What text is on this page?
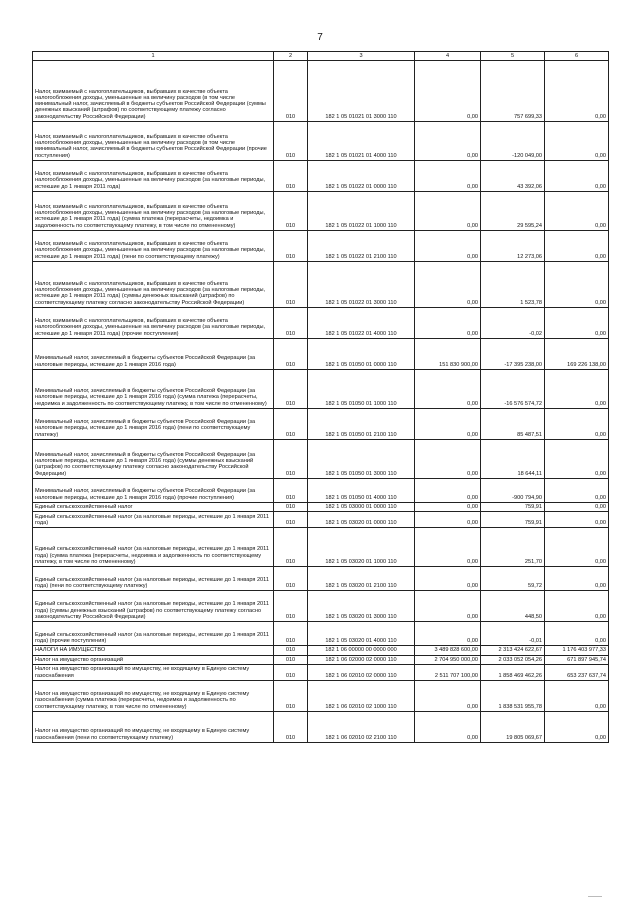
7
1	2	3	4	5	6
Налог, взимаемый с налогоплательщиков, выбравших в качестве объекта налогообложения доходы, уменьшенные на величину расходов (в том числе минимальный налог, зачисляемый в бюджеты субъектов Российской Федерации (суммы денежных взысканий (штрафов) по соответствующему платежу согласно законодательству Российской Федерации)	010	182 1 05 01021 01 3000 110	0,00	757 699,33	0,00
Налог, взимаемый с налогоплательщиков, выбравших в качестве объекта налогообложения доходы, уменьшенные на величину расходов (в том числе минимальный налог, зачисляемый в бюджеты субъектов Российской Федерации (прочие поступления)	010	182 1 05 01021 01 4000 110	0,00	-120 049,00	0,00
Налог, взимаемый с налогоплательщиков, выбравших в качестве объекта налогообложения доходы, уменьшенные на величину расходов (за налоговые периоды, истекшие до 1 января 2011 года)	010	182 1 05 01022 01 0000 110	0,00	43 392,06	0,00
Налог, взимаемый с налогоплательщиков, выбравших в качестве объекта налогообложения доходы, уменьшенные на величину расходов (за налоговые периоды, истекшие до 1 января 2011 года) (сумма платежа (перерасчеты, недоимка и задолженность по соответствующему платежу, в том числе по отмененному)	010	182 1 05 01022 01 1000 110	0,00	29 595,24	0,00
Налог, взимаемый с налогоплательщиков, выбравших в качестве объекта налогообложения доходы, уменьшенные на величину расходов (за налоговые периоды, истекшие до 1 января 2011 года) (пени по соответствующему платежу)	010	182 1 05 01022 01 2100 110	0,00	12 273,06	0,00
Налог, взимаемый с налогоплательщиков, выбравших в качестве объекта налогообложения доходы, уменьшенные на величину расходов (за налоговые периоды, истекшие до 1 января 2011 года) (суммы денежных взысканий (штрафов) по соответствующему платежу согласно законодательству Российской Федерации)	010	182 1 05 01022 01 3000 110	0,00	1 523,78	0,00
Налог, взимаемый с налогоплательщиков, выбравших в качестве объекта налогообложения доходы, уменьшенные на величину расходов (за налоговые периоды, истекшие до 1 января 2011 года) (прочие поступления)	010	182 1 05 01022 01 4000 110	0,00	-0,02	0,00
Минимальный налог, зачисляемый в бюджеты субъектов Российской Федерации (за налоговые периоды, истекшие до 1 января 2016 года)	010	182 1 05 01050 01 0000 110	151 830 900,00	-17 395 238,00	169 226 138,00
Минимальный налог, зачисляемый в бюджеты субъектов Российской Федерации (за налоговые периоды, истекшие до 1 января 2016 года) (сумма платежа (перерасчеты, недоимка и задолженность по соответствующему платежу, в том числе по отмененному)	010	182 1 05 01050 01 1000 110	0,00	-16 576 574,72	0,00
Минимальный налог, зачисляемый в бюджеты субъектов Российской Федерации (за налоговые периоды, истекшие до 1 января 2016 года) (пени по соответствующему платежу)	010	182 1 05 01050 01 2100 110	0,00	85 487,51	0,00
Минимальный налог, зачисляемый в бюджеты субъектов Российской Федерации (за налоговые периоды, истекшие до 1 января 2016 года) (суммы денежных взысканий (штрафов) по соответствующему платежу согласно законодательству Российской Федерации)	010	182 1 05 01050 01 3000 110	0,00	18 644,11	0,00
Минимальный налог, зачисляемый в бюджеты субъектов Российской Федерации (за налоговые периоды, истекшие до 1 января 2016 года) (прочие поступления)	010	182 1 05 01050 01 4000 110	0,00	-900 794,90	0,00
Единый сельскохозяйственный налог	010	182 1 05 03000 01 0000 110	0,00	759,91	0,00
Единый сельскохозяйственный налог (за налоговые периоды, истекшие до 1 января 2011 года)	010	182 1 05 03020 01 0000 110	0,00	759,91	0,00
Единый сельскохозяйственный налог (за налоговые периоды, истекшие до 1 января 2011 года) (сумма платежа (перерасчеты, недоимка и задолженность по соответствующему платежу, в том числе по отмененному)	010	182 1 05 03020 01 1000 110	0,00	251,70	0,00
Единый сельскохозяйственный налог (за налоговые периоды, истекшие до 1 января 2011 года) (пени по соответствующему платежу)	010	182 1 05 03020 01 2100 110	0,00	59,72	0,00
Единый сельскохозяйственный налог (за налоговые периоды, истекшие до 1 января 2011 года) (суммы денежных взысканий (штрафов) по соответствующему платежу согласно законодательству Российской Федерации)	010	182 1 05 03020 01 3000 110	0,00	448,50	0,00
Единый сельскохозяйственный налог (за налоговые периоды, истекшие до 1 января 2011 года) (прочие поступления)	010	182 1 05 03020 01 4000 110	0,00	-0,01	0,00
НАЛОГИ НА ИМУЩЕСТВО	010	182 1 06 00000 00 0000 000	3 489 828 600,00	2 313 424 622,67	1 176 403 977,33
Налог на имущество организаций	010	182 1 06 02000 02 0000 110	2 704 950 000,00	2 033 052 054,26	671 897 945,74
Налог на имущество организаций по имуществу, не входящему в Единую систему газоснабжения	010	182 1 06 02010 02 0000 110	2 511 707 100,00	1 858 469 462,26	653 237 637,74
Налог на имущество организаций по имуществу, не входящему в Единую систему газоснабжения (сумма платежа (перерасчеты, недоимка и задолженность по соответствующему платежу, в том числе по отмененному)	010	182 1 06 02010 02 1000 110	0,00	1 838 531 955,78	0,00
Налог на имущество организаций по имуществу, не входящему в Единую систему газоснабжения (пени по соответствующему платежу)	010	182 1 06 02010 02 2100 110	0,00	19 805 069,67	0,00
